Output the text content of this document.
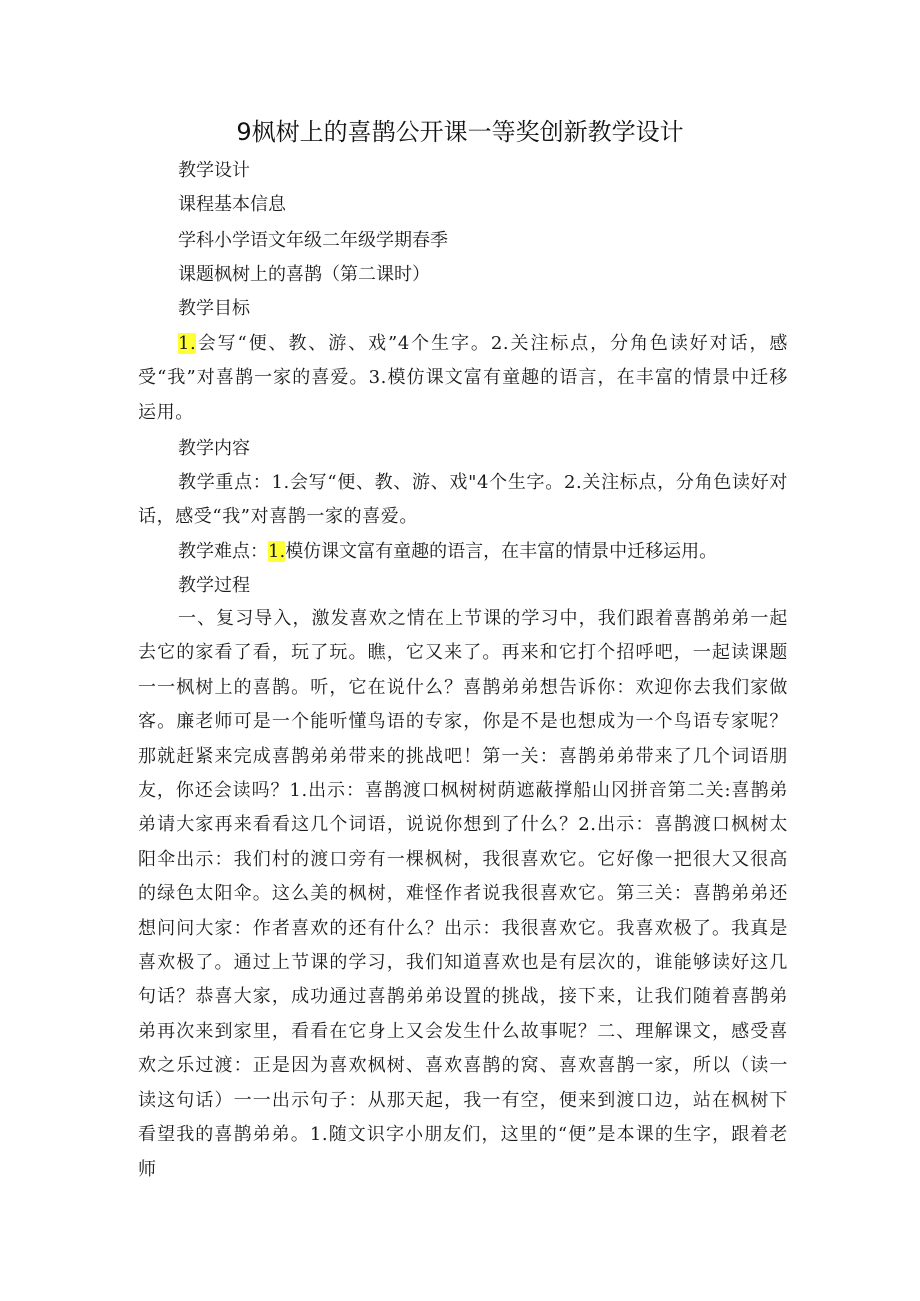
9枫树上的喜鹊公开课一等奖创新教学设计
教学设计
课程基本信息
学科小学语文年级二年级学期春季
课题枫树上的喜鹊（第二课时）
教学目标
1.会写“便、教、游、戏”4个生字。2.关注标点，分角色读好对话，感受“我”对喜鹊一家的喜爱。3.模仿课文富有童趣的语言，在丰富的情景中迁移运用。
教学内容
教学重点：1.会写“便、教、游、戏"4个生字。2.关注标点，分角色读好对话，感受“我”对喜鹊一家的喜爱。
教学难点：1.模仿课文富有童趣的语言，在丰富的情景中迁移运用。
教学过程
一、复习导入，激发喜欢之情在上节课的学习中，我们跟着喜鹊弟弟一起去它的家看了看，玩了玩。瞧，它又来了。再来和它打个招呼吧，一起读课题一一枫树上的喜鹊。听，它在说什么？喜鹊弟弟想告诉你：欢迎你去我们家做客。廉老师可是一个能听懂鸟语的专家，你是不是也想成为一个鸟语专家呢？那就赶紧来完成喜鹊弟弟带来的挑战吧！第一关：喜鹊弟弟带来了几个词语朋友，你还会读吗？1.出示：喜鹊渡口枫树树荫遮蔽撑船山冈拼音第二关:喜鹊弟弟请大家再来看看这几个词语，说说你想到了什么？2.出示：喜鹊渡口枫树太阳伞出示：我们村的渡口旁有一棵枫树，我很喜欢它。它好像一把很大又很高的绿色太阳伞。这么美的枫树，难怪作者说我很喜欢它。第三关：喜鹊弟弟还想问问大家：作者喜欢的还有什么？出示：我很喜欢它。我喜欢极了。我真是喜欢极了。通过上节课的学习，我们知道喜欢也是有层次的，谁能够读好这几句话？恭喜大家，成功通过喜鹊弟弟设置的挑战，接下来，让我们随着喜鹊弟弟再次来到家里，看看在它身上又会发生什么故事呢？二、理解课文，感受喜欢之乐过渡：正是因为喜欢枫树、喜欢喜鹊的窝、喜欢喜鹊一家，所以（读一读这句话）一一出示句子：从那天起，我一有空，便来到渡口边，站在枫树下看望我的喜鹊弟弟。1.随文识字小朋友们，这里的“便”是本课的生字，跟着老师
